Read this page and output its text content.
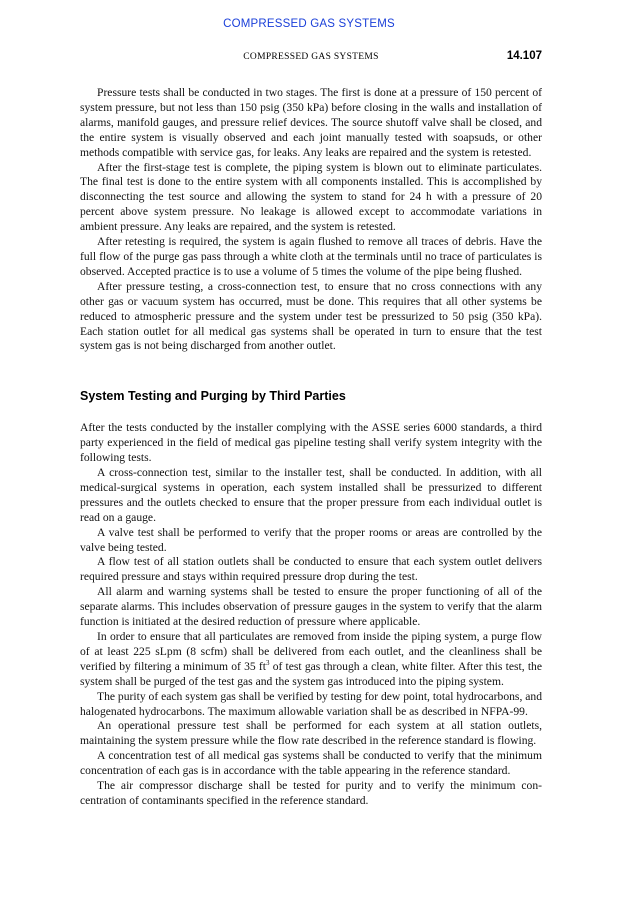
COMPRESSED GAS SYSTEMS
COMPRESSED GAS SYSTEMS	14.107

Pressure tests shall be conducted in two stages. The first is done at a pressure of 150 percent of system pressure, but not less than 150 psig (350 kPa) before closing in the walls and installation of alarms, manifold gauges, and pressure relief devices. The source shutoff valve shall be closed, and the entire system is visually observed and each joint manually tested with soapsuds, or other methods compatible with service gas, for leaks. Any leaks are repaired and the system is retested.

After the first-stage test is complete, the piping system is blown out to eliminate particulates. The final test is done to the entire system with all components installed. This is accomplished by disconnecting the test source and allowing the system to stand for 24 h with a pressure of 20 percent above system pressure. No leakage is allowed except to accommodate variations in ambient pressure. Any leaks are repaired, and the system is retested.

After retesting is required, the system is again flushed to remove all traces of debris. Have the full flow of the purge gas pass through a white cloth at the terminals until no trace of particulates is observed. Accepted practice is to use a volume of 5 times the volume of the pipe being flushed.

After pressure testing, a cross-connection test, to ensure that no cross connections with any other gas or vacuum system has occurred, must be done. This requires that all other systems be reduced to atmospheric pressure and the system under test be pressurized to 50 psig (350 kPa). Each station outlet for all medical gas systems shall be operated in turn to ensure that the test system gas is not being discharged from another outlet.

System Testing and Purging by Third Parties

After the tests conducted by the installer complying with the ASSE series 6000 standards, a third party experienced in the field of medical gas pipeline testing shall verify system integrity with the following tests.

A cross-connection test, similar to the installer test, shall be conducted. In addition, with all medical-surgical systems in operation, each system installed shall be pressurized to different pressures and the outlets checked to ensure that the proper pressure from each individual outlet is read on a gauge.

A valve test shall be performed to verify that the proper rooms or areas are controlled by the valve being tested.

A flow test of all station outlets shall be conducted to ensure that each system outlet delivers required pressure and stays within required pressure drop during the test.

All alarm and warning systems shall be tested to ensure the proper functioning of all of the separate alarms. This includes observation of pressure gauges in the system to verify that the alarm function is initiated at the desired reduction of pressure where applicable.

In order to ensure that all particulates are removed from inside the piping system, a purge flow of at least 225 sLpm (8 scfm) shall be delivered from each outlet, and the cleanliness shall be verified by filtering a minimum of 35 $ft^3$ of test gas through a clean, white filter. After this test, the system shall be purged of the test gas and the system gas introduced into the piping system.

The purity of each system gas shall be verified by testing for dew point, total hydrocarbons, and halogenated hydrocarbons. The maximum allowable variation shall be as described in NFPA-99.

An operational pressure test shall be performed for each system at all station outlets, maintaining the system pressure while the flow rate described in the reference standard is flowing.

A concentration test of all medical gas systems shall be conducted to verify that the minimum concentration of each gas is in accordance with the table appearing in the reference standard.

The air compressor discharge shall be tested for purity and to verify the minimum concentration of contaminants specified in the reference standard.
